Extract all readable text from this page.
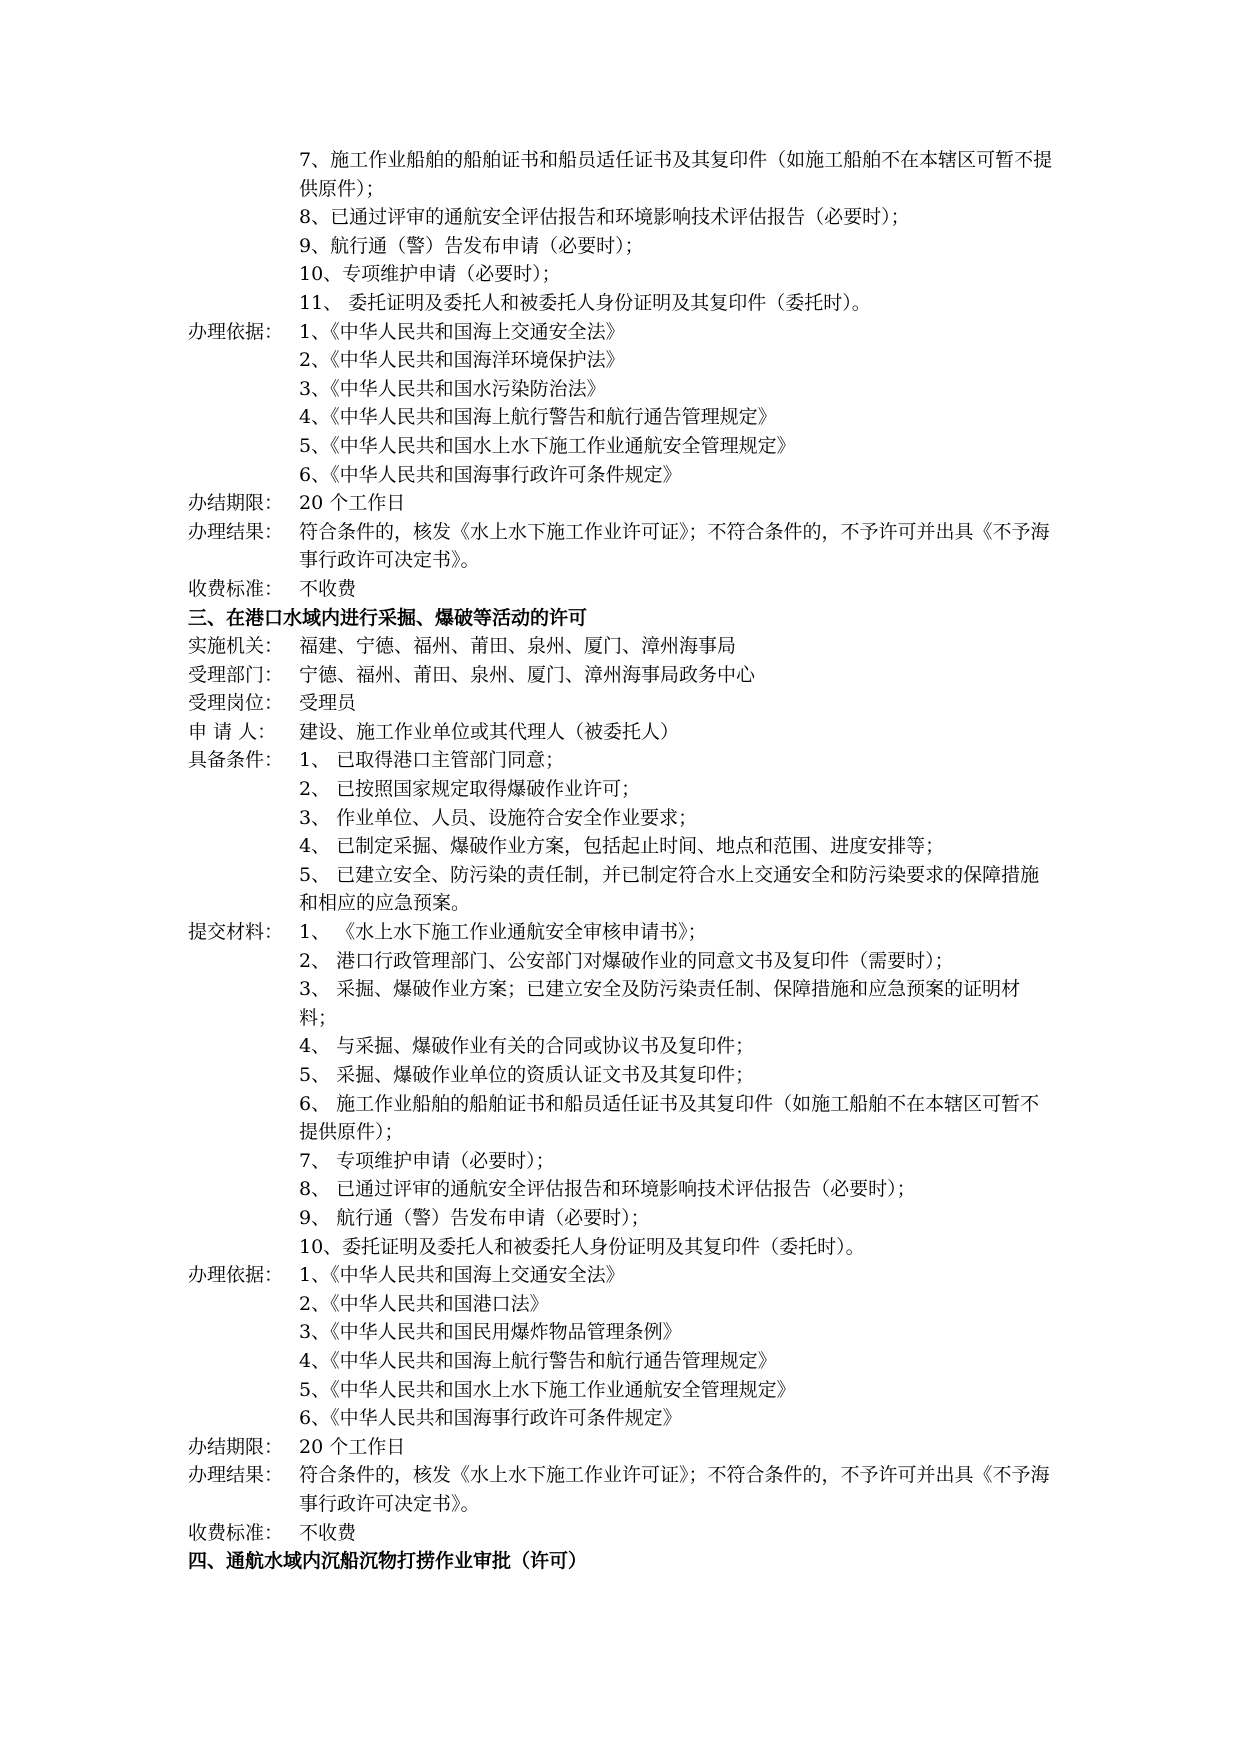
7、施工作业船舶的船舶证书和船员适任证书及其复印件（如施工船舶不在本辖区可暂不提供原件）；
8、已通过评审的通航安全评估报告和环境影响技术评估报告（必要时）；
9、航行通（警）告发布申请（必要时）；
10、专项维护申请（必要时）；
11、 委托证明及委托人和被委托人身份证明及其复印件（委托时）。
办理依据： 1、《中华人民共和国海上交通安全法》
2、《中华人民共和国海洋环境保护法》
3、《中华人民共和国水污染防治法》
4、《中华人民共和国海上航行警告和航行通告管理规定》
5、《中华人民共和国水上水下施工作业通航安全管理规定》
6、《中华人民共和国海事行政许可条件规定》
办结期限： 20 个工作日
办理结果： 符合条件的，核发《水上水下施工作业许可证》；不符合条件的，不予许可并出具《不予海事行政许可决定书》。
收费标准： 不收费
三、在港口水域内进行采掘、爆破等活动的许可
实施机关： 福建、宁德、福州、莆田、泉州、厦门、漳州海事局
受理部门： 宁德、福州、莆田、泉州、厦门、漳州海事局政务中心
受理岗位： 受理员
申 请 人：	建设、施工作业单位或其代理人（被委托人）
具备条件： 1、 已取得港口主管部门同意；
2、 已按照国家规定取得爆破作业许可；
3、 作业单位、人员、设施符合安全作业要求；
4、 已制定采掘、爆破作业方案，包括起止时间、地点和范围、进度安排等；
5、 已建立安全、防污染的责任制，并已制定符合水上交通安全和防污染要求的保障措施和相应的应急预案。
提交材料： 1、 《水上水下施工作业通航安全审核申请书》；
2、 港口行政管理部门、公安部门对爆破作业的同意文书及复印件（需要时）；
3、 采掘、爆破作业方案；已建立安全及防污染责任制、保障措施和应急预案的证明材料；
4、 与采掘、爆破作业有关的合同或协议书及复印件；
5、 采掘、爆破作业单位的资质认证文书及其复印件；
6、 施工作业船舶的船舶证书和船员适任证书及其复印件（如施工船舶不在本辖区可暂不提供原件）；
7、 专项维护申请（必要时）；
8、 已通过评审的通航安全评估报告和环境影响技术评估报告（必要时）；
9、 航行通（警）告发布申请（必要时）；
10、委托证明及委托人和被委托人身份证明及其复印件（委托时）。
办理依据： 1、《中华人民共和国海上交通安全法》
2、《中华人民共和国港口法》
3、《中华人民共和国民用爆炸物品管理条例》
4、《中华人民共和国海上航行警告和航行通告管理规定》
5、《中华人民共和国水上水下施工作业通航安全管理规定》
6、《中华人民共和国海事行政许可条件规定》
办结期限： 20 个工作日
办理结果： 符合条件的，核发《水上水下施工作业许可证》；不符合条件的，不予许可并出具《不予海事行政许可决定书》。
收费标准： 不收费
四、通航水域内沉船沉物打捞作业审批（许可）
